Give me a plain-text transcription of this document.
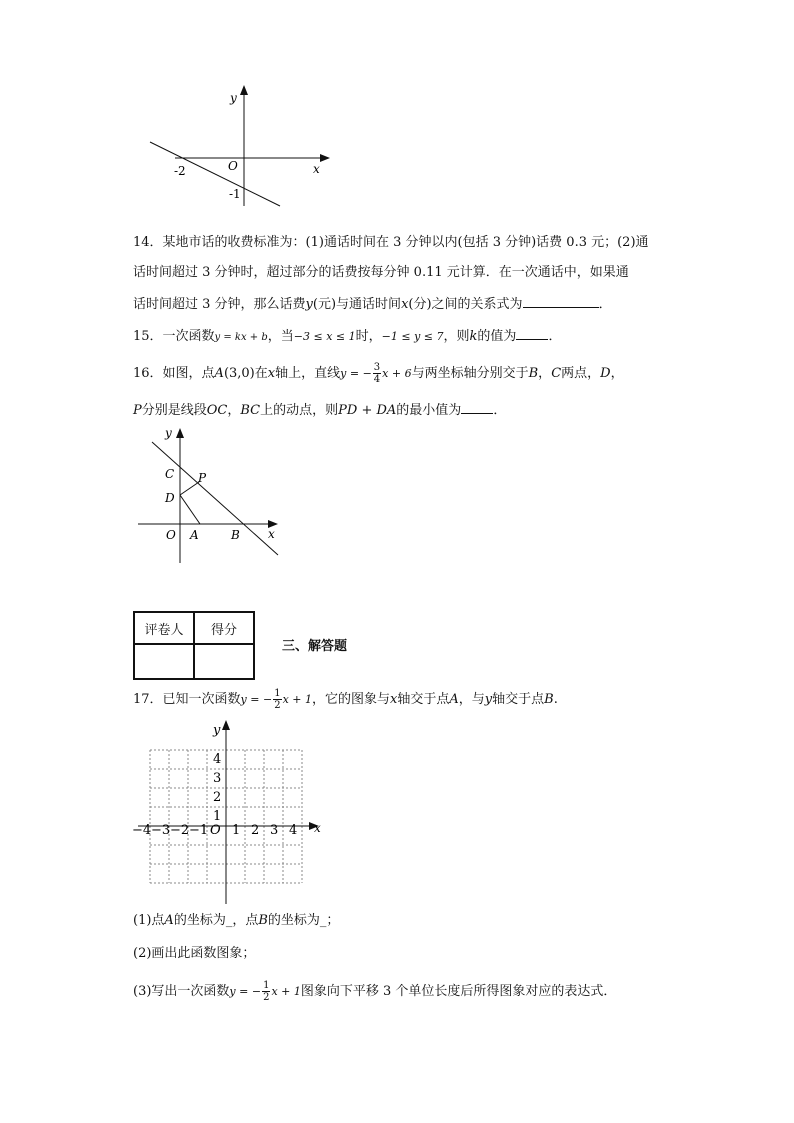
y
x
O
-2
-1
14．某地市话的收费标准为：(1)通话时间在 3 分钟以内(包括 3 分钟)话费 0.3 元；(2)通
话时间超过 3 分钟时，超过部分的话费按每分钟 0.11 元计算．在一次通话中，如果通
话时间超过 3 分钟，那么话费y(元)与通话时间x(分)之间的关系式为	．
15．一次函数y = kx + b，当−3 ≤ x ≤ 1时，−1 ≤ y ≤ 7，则k的值为 ．
16．如图，点A(3,0)在x轴上，直线y = − $\frac{3}{4}$ x + 6与两坐标轴分别交于B，C两点，D，
P分别是线段OC，BC上的动点，则PD + DA的最小值为 ．
y
x
O A	B
C
D
P
评卷人	得分

三、解答题
17．已知一次函数y = − $\frac{1}{2}$ x + 1，它的图象与x轴交于点A，与y轴交于点B.
y
x
O
4
3
2
1
−4 −3 −2 −1 1 2 3 4
(1)点A的坐标为_，点B的坐标为_；
(2)画出此函数图象；
(3)写出一次函数y = − $\frac{1}{2}$ x + 1图象向下平移 3 个单位长度后所得图象对应的表达式．
